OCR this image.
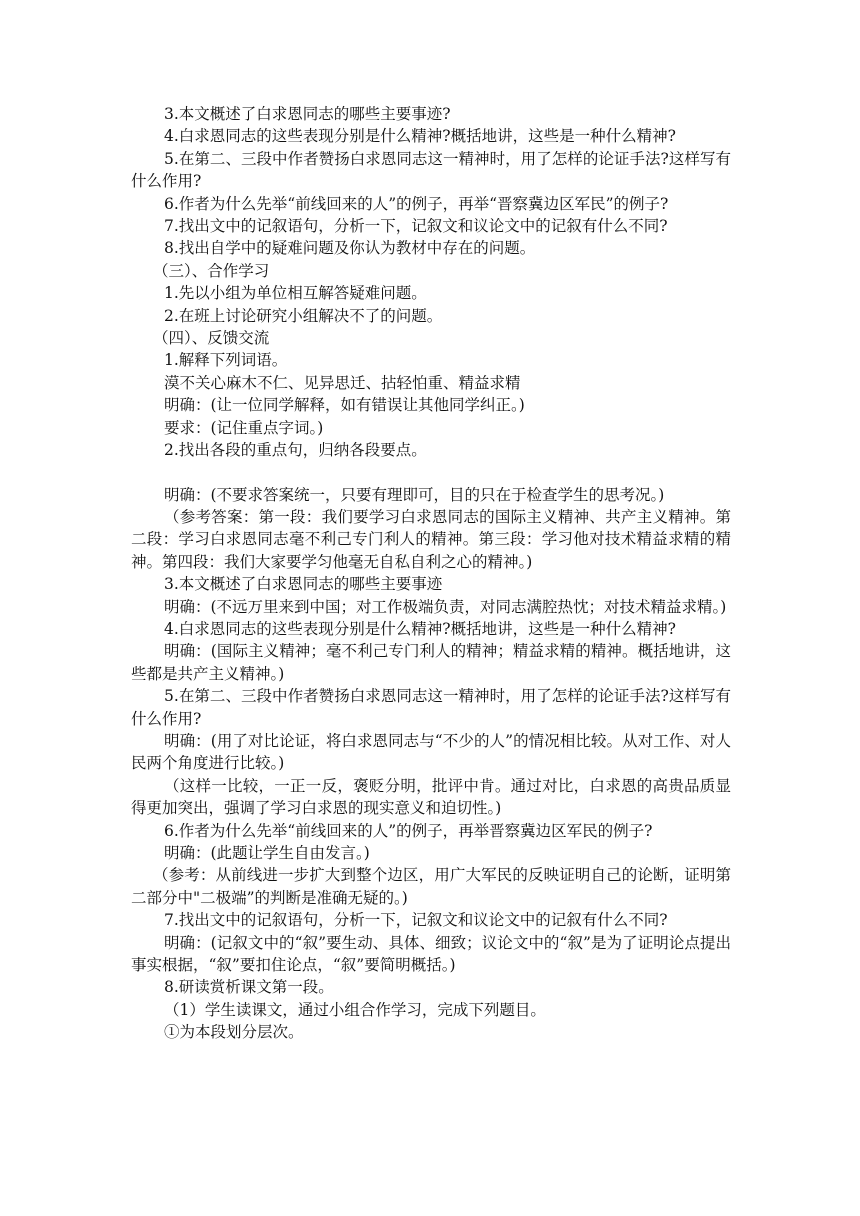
3.本文概述了白求恩同志的哪些主要事迹?

4.白求恩同志的这些表现分别是什么精神?概括地讲，这些是一种什么精神?

5.在第二、三段中作者赞扬白求恩同志这一精神时，用了怎样的论证手法?这样写有什么作用?

6.作者为什么先举“前线回来的人”的例子，再举“晋察冀边区军民”的例子?

7.找出文中的记叙语句，分析一下，记叙文和议论文中的记叙有什么不同?

8.找出自学中的疑难问题及你认为教材中存在的问题。

（三）、合作学习

1.先以小组为单位相互解答疑难问题。

2.在班上讨论研究小组解决不了的问题。

（四）、反馈交流

1.解释下列词语。

漠不关心麻木不仁、见异思迁、拈轻怕重、精益求精

明确：(让一位同学解释，如有错误让其他同学纠正。)

要求：(记住重点字词。)

2.找出各段的重点句，归纳各段要点。

明确：(不要求答案统一，只要有理即可，目的只在于检查学生的思考况。)

（参考答案：第一段：我们要学习白求恩同志的国际主义精神、共产主义精神。第二段：学习白求恩同志毫不利己专门利人的精神。第三段：学习他对技术精益求精的精神。第四段：我们大家要学匀他毫无自私自利之心的精神。)

3.本文概述了白求恩同志的哪些主要事迹

明确：(不远万里来到中国；对工作极端负责，对同志满腔热忱；对技术精益求精。)

4.白求恩同志的这些表现分别是什么精神?概括地讲，这些是一种什么精神?

明确：(国际主义精神；毫不利己专门利人的精神；精益求精的精神。概括地讲，这些都是共产主义精神。)

5.在第二、三段中作者赞扬白求恩同志这一精神时，用了怎样的论证手法?这样写有什么作用?

明确：(用了对比论证，将白求恩同志与“不少的人”的情况相比较。从对工作、对人民两个角度进行比较。)

（这样一比较，一正一反，褒贬分明，批评中肯。通过对比，白求恩的高贵品质显得更加突出，强调了学习白求恩的现实意义和迫切性。)

6.作者为什么先举“前线回来的人”的例子，再举晋察冀边区军民的例子?

明确：(此题让学生自由发言。)

（参考：从前线进一步扩大到整个边区，用广大军民的反映证明自己的论断，证明第二部分中"二极端”的判断是准确无疑的。)

7.找出文中的记叙语句，分析一下，记叙文和议论文中的记叙有什么不同?

明确：(记叙文中的“叙”要生动、具体、细致；议论文中的“叙”是为了证明论点提出事实根据，“叙”要扣住论点，“叙”要简明概括。)

8.研读赏析课文第一段。

（1）学生读课文，通过小组合作学习，完成下列题目。

①为本段划分层次。
